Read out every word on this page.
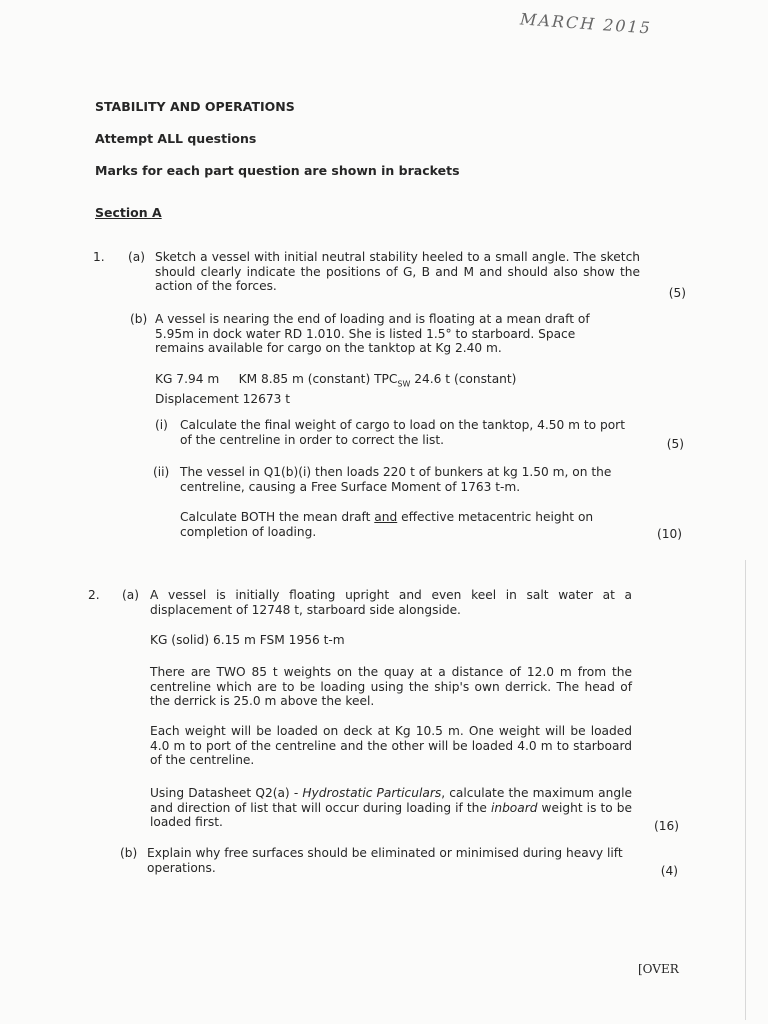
MARCH 2015

STABILITY AND OPERATIONS

Attempt ALL questions

Marks for each part question are shown in brackets

Section A

1. (a) Sketch a vessel with initial neutral stability heeled to a small angle. The sketch should clearly indicate the positions of G, B and M and should also show the action of the forces.	(5)
(b) A vessel is nearing the end of loading and is floating at a mean draft of
5.95m in dock water RD 1.010. She is listed 1.5° to starboard. Space
remains available for cargo on the tanktop at Kg 2.40 m.

KG 7.94 m KM 8.85 m (constant) $TPC_{SW}$ 24.6 t (constant)
Displacement 12673 t

(i) Calculate the final weight of cargo to load on the tanktop, 4.50 m to port of the centreline in order to correct the list.	(5)
(ii) The vessel in Q1(b)(i) then loads 220 t of bunkers at kg 1.50 m, on the centreline, causing a Free Surface Moment of 1763 t-m.

Calculate BOTH the mean draft and effective metacentric height on completion of loading.	(10)
2. (a) A vessel is initially floating upright and even keel in salt water at a displacement of 12748 t, starboard side alongside.

KG (solid) 6.15 m FSM 1956 t-m

There are TWO 85 t weights on the quay at a distance of 12.0 m from the centreline which are to be loading using the ship's own derrick. The head of the derrick is 25.0 m above the keel.

Each weight will be loaded on deck at Kg 10.5 m. One weight will be loaded 4.0 m to port of the centreline and the other will be loaded 4.0 m to starboard of the centreline.

Using Datasheet Q2(a) - Hydrostatic Particulars, calculate the maximum angle and direction of list that will occur during loading if the inboard weight is to be loaded first.	(16)
(b) Explain why free surfaces should be eliminated or minimised during heavy lift operations.	(4)
[OVER
